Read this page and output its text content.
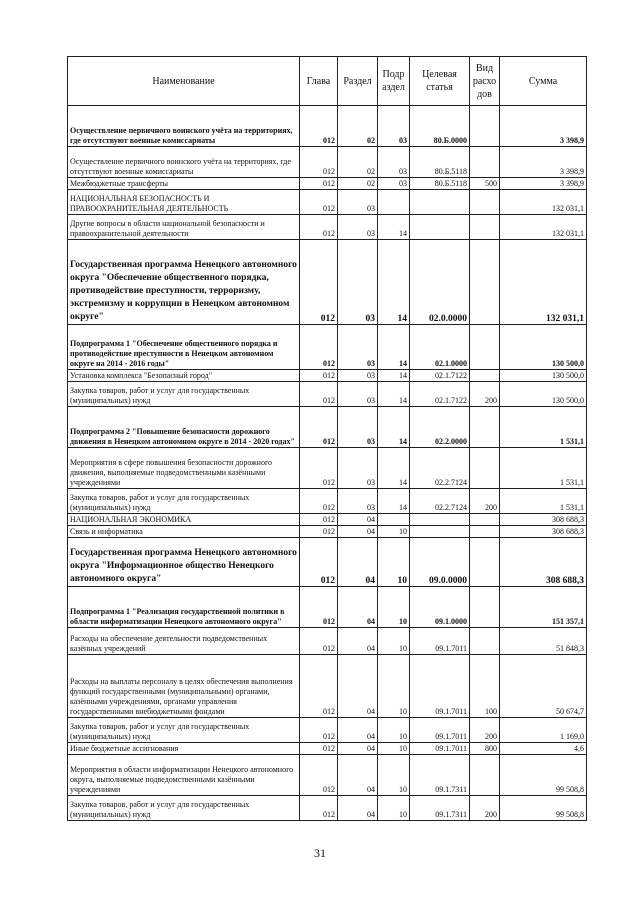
Наименование	Глава	Раздел	Подр аздел	Целевая статья	Вид расхо дов	Сумма
Осуществление первичного воинского учёта на территориях, где отсутствуют военные комиссариаты	012	02	03	80.Б.0000		3 398,9
Осуществление первичного воинского учёта на территориях, где отсутствуют военные комиссариаты	012	02	03	80.Б.5118		3 398,9
Межбюджетные трансферты	012	02	03	80.Б.5118	500	3 398,9
НАЦИОНАЛЬНАЯ БЕЗОПАСНОСТЬ И ПРАВООХРАНИТЕЛЬНАЯ ДЕЯТЕЛЬНОСТЬ	012	03				132 031,1
Другие вопросы в области национальной безопасности и правоохранительной деятельности	012	03	14			132 031,1
Государственная программа Ненецкого автономного округа "Обеспечение общественного порядка, противодействие преступности, терроризму, экстремизму и коррупции в Ненецком автономном округе"	012	03	14	02.0.0000		132 031,1
Подпрограмма 1 "Обеспечение общественного порядка и противодействие преступности в Ненецком автономном округе на 2014 - 2016 годы"	012	03	14	02.1.0000		130 500,0
Установка комплекса "Безопасный город"	012	03	14	02.1.7122		130 500,0
Закупка товаров, работ и услуг для государственных (муниципальных) нужд	012	03	14	02.1.7122	200	130 500,0
Подпрограмма 2 "Повышение безопасности дорожного движения в Ненецком автономном округе в 2014 - 2020 годах"	012	03	14	02.2.0000		1 531,1
Мероприятия в сфере повышения безопасности дорожного движения, выполняемые подведомственными казёнными учреждениями	012	03	14	02.2.7124		1 531,1
Закупка товаров, работ и услуг для государственных (муниципальных) нужд	012	03	14	02.2.7124	200	1 531,1
НАЦИОНАЛЬНАЯ ЭКОНОМИКА	012	04				308 688,3
Связь и информатика	012	04	10			308 688,3
Государственная программа Ненецкого автономного округа "Информационное общество Ненецкого автономного округа"	012	04	10	09.0.0000		308 688,3
Подпрограмма 1 "Реализация государственной политики в области информатизации Ненецкого автономного округа"	012	04	10	09.1.0000		151 357,1
Расходы на обеспечение деятельности подведомственных казённых учреждений	012	04	10	09.1.7011		51 848,3
Расходы на выплаты персоналу в целях обеспечения выполнения функций государственными (муниципальными) органами, казёнными учреждениями, органами управления государственными внебюджетными фондами	012	04	10	09.1.7011	100	50 674,7
Закупка товаров, работ и услуг для государственных (муниципальных) нужд	012	04	10	09.1.7011	200	1 169,0
Иные бюджетные ассигнования	012	04	10	09.1.7011	800	4,6
Мероприятия в области информатизации Ненецкого автономного округа, выполняемые подведомственными казёнными учреждениями	012	04	10	09.1.7311		99 508,8
Закупка товаров, работ и услуг для государственных (муниципальных) нужд	012	04	10	09.1.7311	200	99 508,8
31
